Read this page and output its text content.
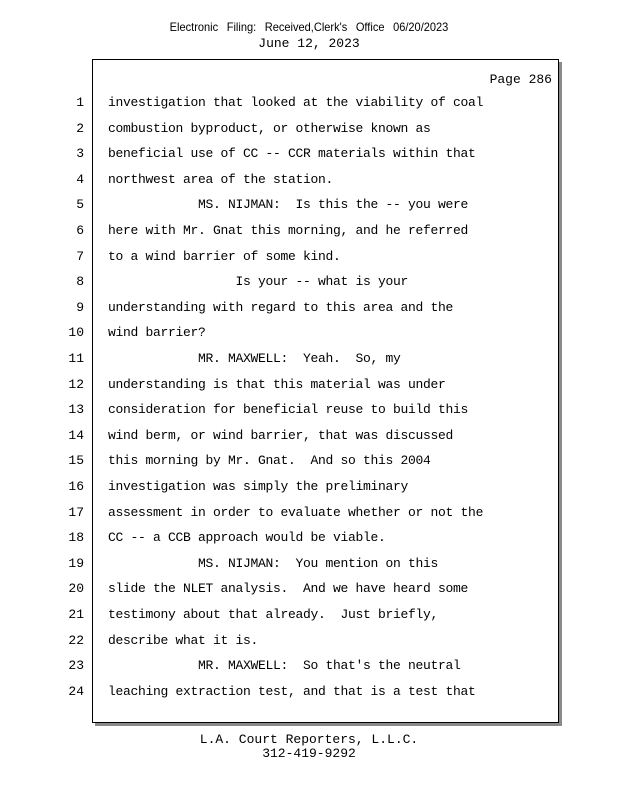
Electronic Filing: Received,Clerk's Office 06/20/2023
June 12, 2023
Page 286
1 investigation that looked at the viability of coal
2 combustion byproduct, or otherwise known as
3 beneficial use of CC -- CCR materials within that
4 northwest area of the station.
5 MS. NIJMAN:  Is this the -- you were
6 here with Mr. Gnat this morning, and he referred
7 to a wind barrier of some kind.
8 Is your -- what is your
9 understanding with regard to this area and the
10 wind barrier?
11 MR. MAXWELL:  Yeah.  So, my
12 understanding is that this material was under
13 consideration for beneficial reuse to build this
14 wind berm, or wind barrier, that was discussed
15 this morning by Mr. Gnat.  And so this 2004
16 investigation was simply the preliminary
17 assessment in order to evaluate whether or not the
18 CC -- a CCB approach would be viable.
19 MS. NIJMAN:  You mention on this
20 slide the NLET analysis.  And we have heard some
21 testimony about that already.  Just briefly,
22 describe what it is.
23 MR. MAXWELL:  So that's the neutral
24 leaching extraction test, and that is a test that
L.A. Court Reporters, L.L.C.
312-419-9292
